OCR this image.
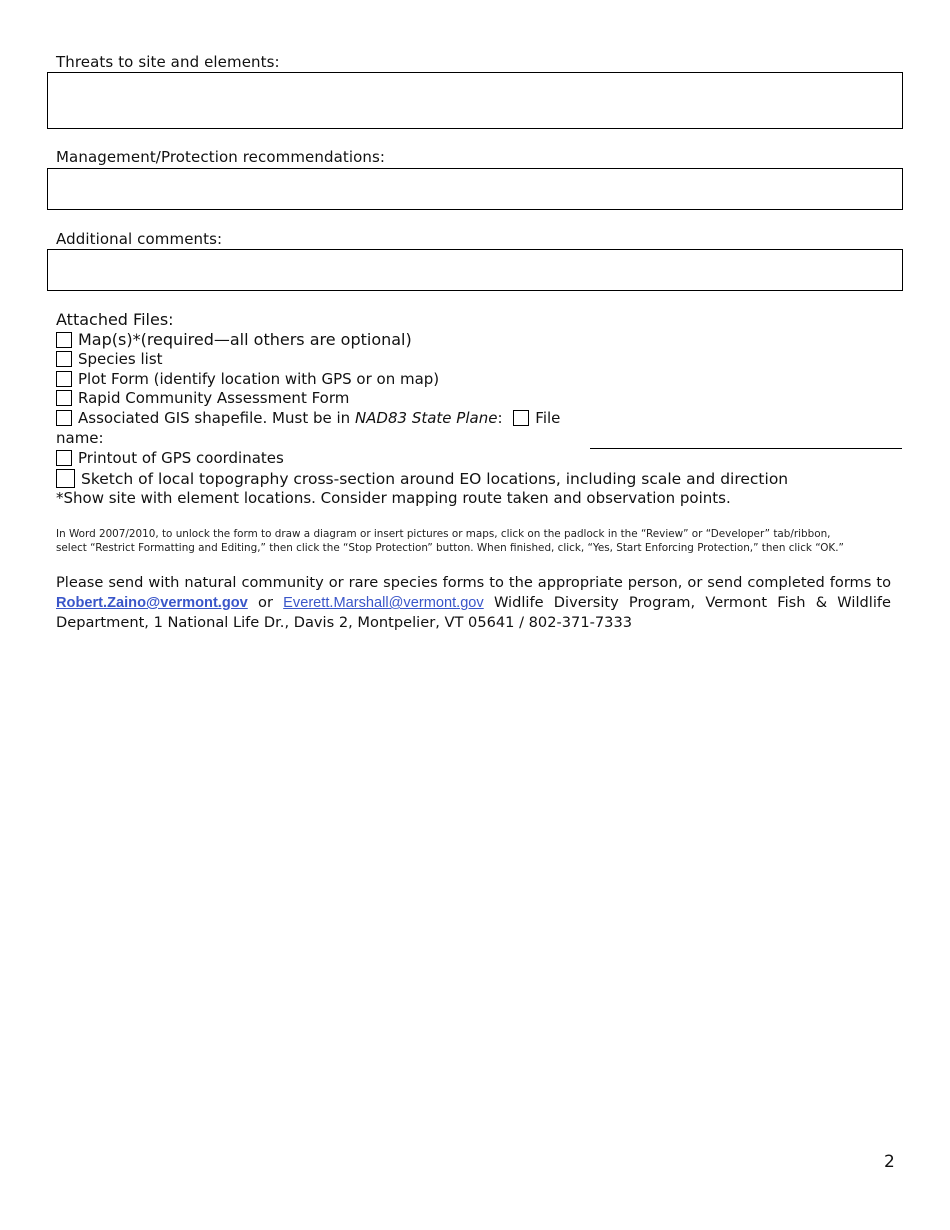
Threats to site and elements:
Management/Protection recommendations:
Additional comments:
Attached Files:
Map(s)*(required—all others are optional)
Species list
Plot Form (identify location with GPS or on map)
Rapid Community Assessment Form
Associated GIS shapefile. Must be in NAD83 State Plane: File
name:
Printout of GPS coordinates
Sketch of local topography cross-section around EO locations, including scale and direction
*Show site with element locations. Consider mapping route taken and observation points.
In Word 2007/2010, to unlock the form to draw a diagram or insert pictures or maps, click on the padlock in the “Review” or “Developer” tab/ribbon,
select “Restrict Formatting and Editing,” then click the “Stop Protection” button. When finished, click, “Yes, Start Enforcing Protection,” then click “OK.”
Please send with natural community or rare species forms to the appropriate person, or send completed forms to Robert.Zaino@vermont.gov or Everett.Marshall@vermont.gov Widlife Diversity Program, Vermont Fish & Wildlife Department, 1 National Life Dr., Davis 2, Montpelier, VT 05641 / 802-371-7333
2
